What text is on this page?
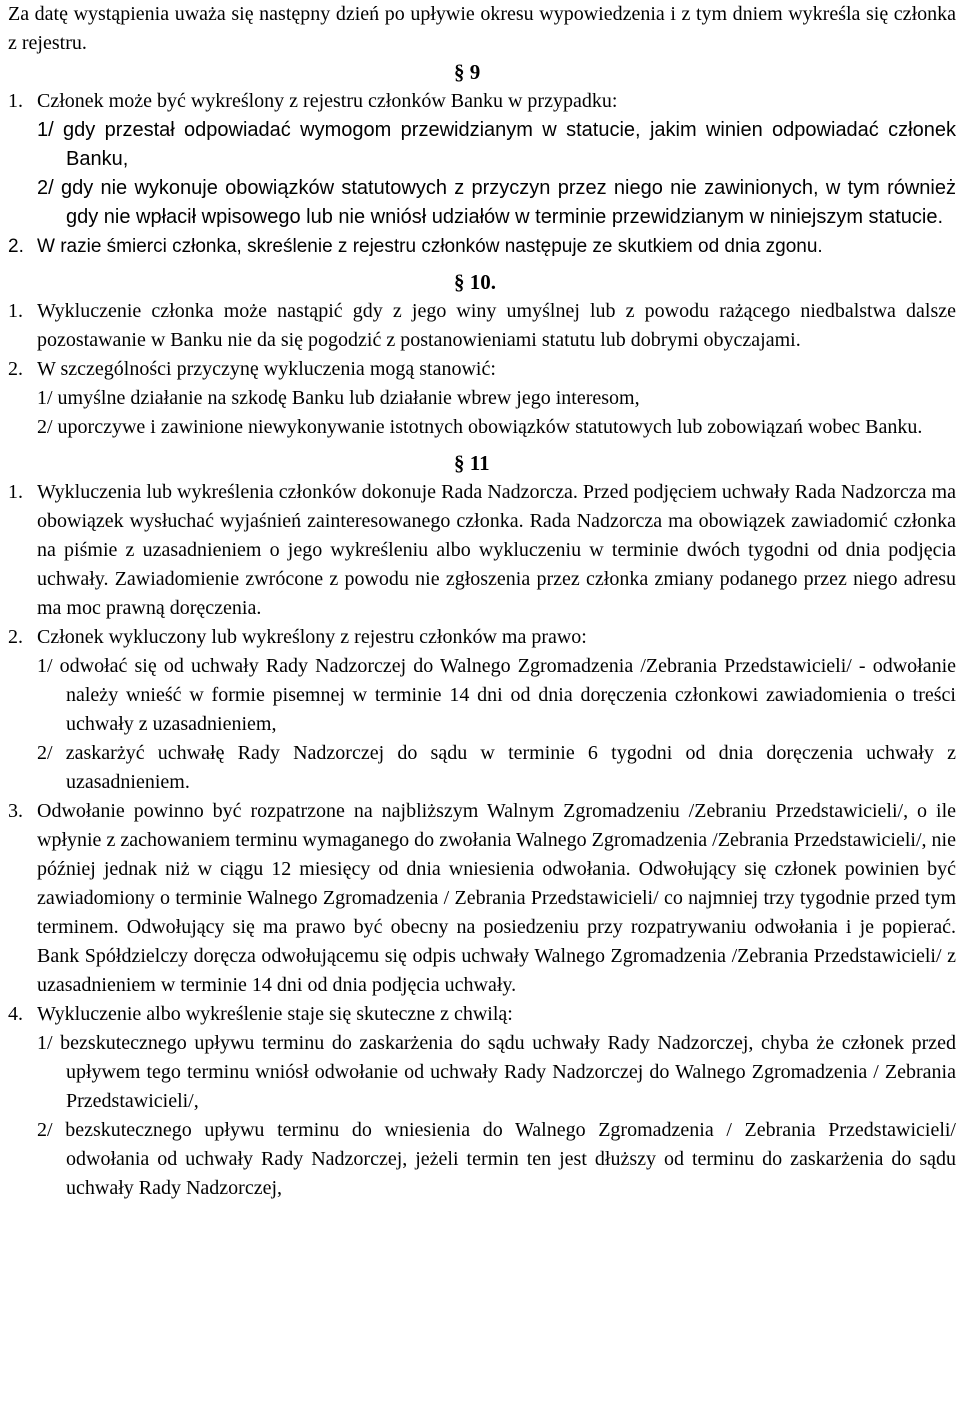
Za datę wystąpienia uważa się następny dzień po upływie okresu wypowiedzenia i z tym dniem wykreśla się członka z rejestru.

§ 9

1. Członek może być wykreślony z rejestru członków Banku w przypadku:

1/ gdy przestał odpowiadać wymogom przewidzianym w statucie, jakim winien odpowiadać członek Banku,

2/ gdy nie wykonuje obowiązków statutowych z przyczyn przez niego nie zawinionych, w tym również gdy nie wpłacił wpisowego lub nie wniósł udziałów w terminie przewidzianym w niniejszym statucie.

2. W razie śmierci członka, skreślenie z rejestru członków następuje ze skutkiem od dnia zgonu.

§ 10.

1. Wykluczenie członka może nastąpić gdy z jego winy umyślnej lub z powodu rażącego niedbalstwa dalsze pozostawanie w Banku nie da się pogodzić z postanowieniami statutu lub dobrymi obyczajami.
2. W szczególności przyczynę wykluczenia mogą stanowić:

1/ umyślne działanie na szkodę Banku lub działanie wbrew jego interesom,

2/ uporczywe i zawinione niewykonywanie istotnych obowiązków statutowych lub zobowiązań wobec Banku.

§ 11

1. Wykluczenia lub wykreślenia członków dokonuje Rada Nadzorcza. Przed podjęciem uchwały Rada Nadzorcza ma obowiązek wysłuchać wyjaśnień zainteresowanego członka. Rada Nadzorcza ma obowiązek zawiadomić członka na piśmie z uzasadnieniem o jego wykreśleniu albo wykluczeniu w terminie dwóch tygodni od dnia podjęcia uchwały. Zawiadomienie zwrócone z powodu nie zgłoszenia przez członka zmiany podanego przez niego adresu ma moc prawną doręczenia.
2. Członek wykluczony lub wykreślony z rejestru członków ma prawo:

1/ odwołać się od uchwały Rady Nadzorczej do Walnego Zgromadzenia /Zebrania Przedstawicieli/ - odwołanie należy wnieść w formie pisemnej w terminie 14 dni od dnia doręczenia członkowi zawiadomienia o treści uchwały z uzasadnieniem,

2/ zaskarżyć uchwałę Rady Nadzorczej do sądu w terminie 6 tygodni od dnia doręczenia uchwały z uzasadnieniem.

3. Odwołanie powinno być rozpatrzone na najbliższym Walnym Zgromadzeniu /Zebraniu Przedstawicieli/, o ile wpłynie z zachowaniem terminu wymaganego do zwołania Walnego Zgromadzenia /Zebrania Przedstawicieli/, nie później jednak niż w ciągu 12 miesięcy od dnia wniesienia odwołania. Odwołujący się członek powinien być zawiadomiony o terminie Walnego Zgromadzenia / Zebrania Przedstawicieli/ co najmniej trzy tygodnie przed tym terminem. Odwołujący się ma prawo być obecny na posiedzeniu przy rozpatrywaniu odwołania i je popierać. Bank Spółdzielczy doręcza odwołującemu się odpis uchwały Walnego Zgromadzenia /Zebrania Przedstawicieli/ z uzasadnieniem w terminie 14 dni od dnia podjęcia uchwały.
4. Wykluczenie albo wykreślenie staje się skuteczne z chwilą:

1/ bezskutecznego upływu terminu do zaskarżenia do sądu uchwały Rady Nadzorczej, chyba że członek przed upływem tego terminu wniósł odwołanie od uchwały Rady Nadzorczej do Walnego Zgromadzenia / Zebrania Przedstawicieli/,

2/ bezskutecznego upływu terminu do wniesienia do Walnego Zgromadzenia / Zebrania Przedstawicieli/ odwołania od uchwały Rady Nadzorczej, jeżeli termin ten jest dłuższy od terminu do zaskarżenia do sądu uchwały Rady Nadzorczej,
